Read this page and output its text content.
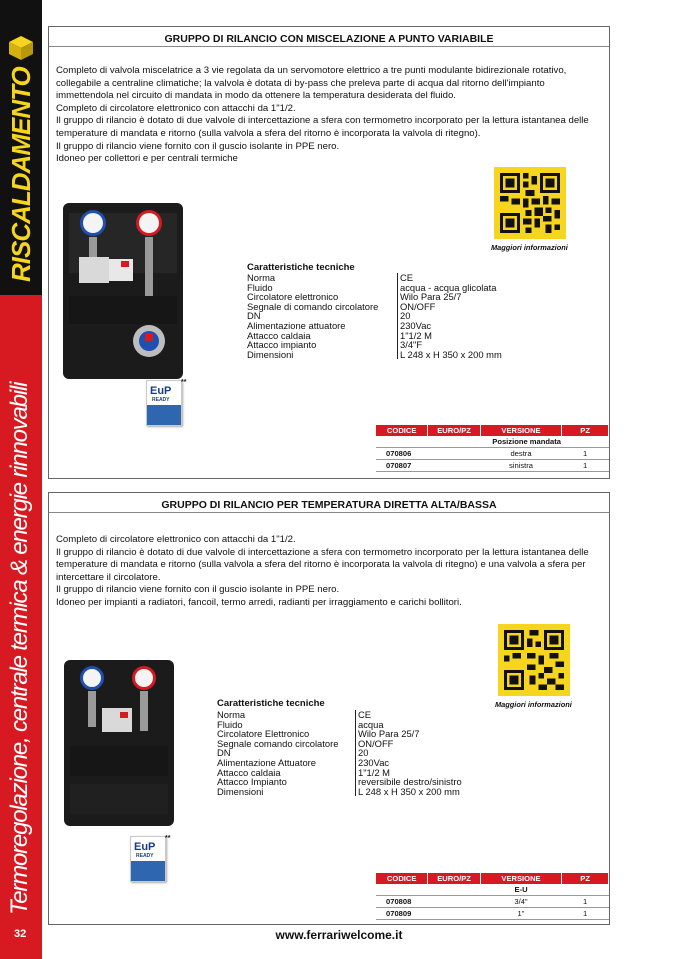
RISCALDAMENTO
Termoregolazione, centrale termica & energie rinnovabili
32
GRUPPO DI RILANCIO CON MISCELAZIONE A PUNTO VARIABILE

Completo di valvola miscelatrice a 3 vie regolata da un servomotore elettrico a tre punti modulante bidirezionale rotativo, collegabile a centraline climatiche; la valvola è dotata di by-pass che preleva parte di acqua dal ritorno dell'impianto immettendola nel circuito di mandata in modo da ottenere la temperatura desiderata del fluido.

Completo di circolatore elettronico con attacchi da 1"1/2.

Il gruppo di rilancio è dotato di due valvole di intercettazione a sfera con termometro incorporato per la lettura istantanea delle temperature di mandata e ritorno (sulla valvola a sfera del ritorno è incorporata la valvola di ritegno).

Il gruppo di rilancio viene fornito con il guscio isolante in PPE nero.

Idoneo per collettori e per centrali termiche

Maggiori informazioni
Caratteristiche tecniche
Norma	CE
Fluido	acqua - acqua glicolata
Circolatore elettronico	Wilo Para 25/7
Segnale di comando circolatore	ON/OFF
DN	20
Alimentazione attuatore	230Vac
Attacco caldaia	1"1/2 M
Attacco impianto	3/4"F
Dimensioni	L 248 x H 350 x 200 mm
EuP
READY
**
CODICE	EURO/PZ	VERSIONE	PZ
		Posizione mandata	
070806		destra	1
070807		sinistra	1
GRUPPO DI RILANCIO PER TEMPERATURA DIRETTA ALTA/BASSA

Completo di circolatore elettronico con attacchi da 1"1/2.

Il gruppo di rilancio è dotato di due valvole di intercettazione a sfera con termometro incorporato per la lettura istantanea delle temperature di mandata e ritorno (sulla valvola a sfera del ritorno è incorporata la valvola di ritegno) e una valvola a sfera per intercettare il circolatore.

Il gruppo di rilancio viene fornito con il guscio isolante in PPE nero.

Idoneo per impianti a radiatori, fancoil, termo arredi, radianti per irraggiamento e carichi bollitori.

Maggiori informazioni
Caratteristiche tecniche
Norma	CE
Fluido	acqua
Circolatore Elettronico	Wilo Para 25/7
Segnale comando circolatore	ON/OFF
DN	20
Alimentazione Attuatore	230Vac
Attacco caldaia	1"1/2 M
Attacco Impianto	reversibile destro/sinistro
Dimensioni	L 248 x H 350 x 200 mm
EuP
READY
**
CODICE	EURO/PZ	VERSIONE	PZ
		E-U	
070808		3/4"	1
070809		1"	1
www.ferrariwelcome.it
